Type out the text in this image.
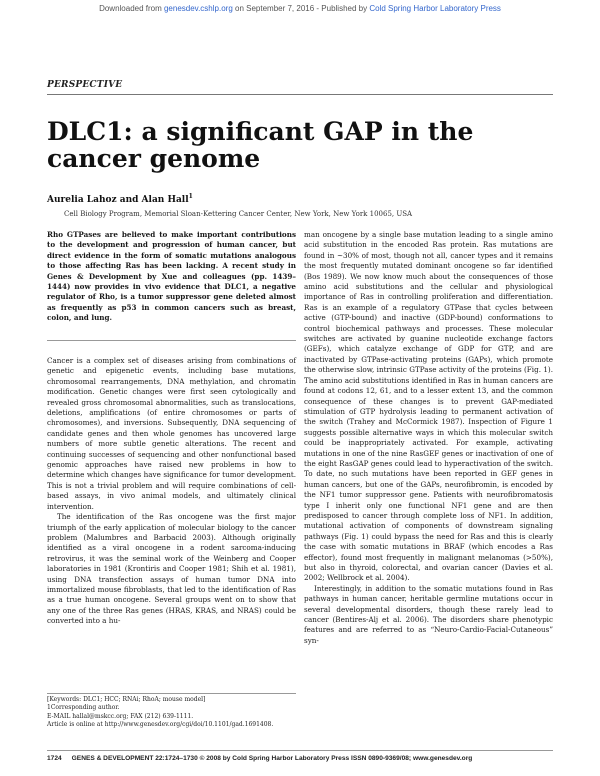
Downloaded from genesdev.cshlp.org on September 7, 2016 - Published by Cold Spring Harbor Laboratory Press
PERSPECTIVE
DLC1: a significant GAP in the cancer genome
Aurelia Lahoz and Alan Hall$^1$
Cell Biology Program, Memorial Sloan-Kettering Cancer Center, New York, New York 10065, USA
Rho GTPases are believed to make important contributions to the development and progression of human cancer, but direct evidence in the form of somatic mutations analogous to those affecting Ras has been lacking. A recent study in Genes & Development by Xue and colleagues (pp. 1439–1444) now provides in vivo evidence that DLC1, a negative regulator of Rho, is a tumor suppressor gene deleted almost as frequently as p53 in common cancers such as breast, colon, and lung.

Cancer is a complex set of diseases arising from combinations of genetic and epigenetic events, including base mutations, chromosomal rearrangements, DNA methylation, and chromatin modification. Genetic changes were first seen cytologically and revealed gross chromosomal abnormalities, such as translocations, deletions, amplifications (of entire chromosomes or parts of chromosomes), and inversions. Subsequently, DNA sequencing of candidate genes and then whole genomes has uncovered large numbers of more subtle genetic alterations. The recent and continuing successes of sequencing and other nonfunctional based genomic approaches have raised new problems in how to determine which changes have significance for tumor development. This is not a trivial problem and will require combinations of cell-based assays, in vivo animal models, and ultimately clinical intervention.

The identification of the Ras oncogene was the first major triumph of the early application of molecular biology to the cancer problem (Malumbres and Barbacid 2003). Although originally identified as a viral oncogene in a rodent sarcoma-inducing retrovirus, it was the seminal work of the Weinberg and Cooper laboratories in 1981 (Krontiris and Cooper 1981; Shih et al. 1981), using DNA transfection assays of human tumor DNA into immortalized mouse fibroblasts, that led to the identification of Ras as a true human oncogene. Several groups went on to show that any one of the three Ras genes (HRAS, KRAS, and NRAS) could be converted into a hu-

man oncogene by a single base mutation leading to a single amino acid substitution in the encoded Ras protein. Ras mutations are found in ~30% of most, though not all, cancer types and it remains the most frequently mutated dominant oncogene so far identified (Bos 1989). We now know much about the consequences of those amino acid substitutions and the cellular and physiological importance of Ras in controlling proliferation and differentiation. Ras is an example of a regulatory GTPase that cycles between active (GTP-bound) and inactive (GDP-bound) conformations to control biochemical pathways and processes. These molecular switches are activated by guanine nucleotide exchange factors (GEFs), which catalyze exchange of GDP for GTP, and are inactivated by GTPase-activating proteins (GAPs), which promote the otherwise slow, intrinsic GTPase activity of the proteins (Fig. 1). The amino acid substitutions identified in Ras in human cancers are found at codons 12, 61, and to a lesser extent 13, and the common consequence of these changes is to prevent GAP-mediated stimulation of GTP hydrolysis leading to permanent activation of the switch (Trahey and McCormick 1987). Inspection of Figure 1 suggests possible alternative ways in which this molecular switch could be inappropriately activated. For example, activating mutations in one of the nine RasGEF genes or inactivation of one of the eight RasGAP genes could lead to hyperactivation of the switch. To date, no such mutations have been reported in GEF genes in human cancers, but one of the GAPs, neurofibromin, is encoded by the NF1 tumor suppressor gene. Patients with neurofibromatosis type I inherit only one functional NF1 gene and are then predisposed to cancer through complete loss of NF1. In addition, mutational activation of components of downstream signaling pathways (Fig. 1) could bypass the need for Ras and this is clearly the case with somatic mutations in BRAF (which encodes a Ras effector), found most frequently in malignant melanomas (>50%), but also in thyroid, colorectal, and ovarian cancer (Davies et al. 2002; Wellbrock et al. 2004).

Interestingly, in addition to the somatic mutations found in Ras pathways in human cancer, heritable germline mutations occur in several developmental disorders, though these rarely lead to cancer (Bentires-Alj et al. 2006). The disorders share phenotypic features and are referred to as “Neuro-Cardio-Facial-Cutaneous” syn-

[Keywords: DLC1; HCC; RNAi; RhoA; mouse model]
1Corresponding author.
E-MAIL hallal@mskcc.org; FAX (212) 639-1111.
Article is online at http://www.genesdev.org/cgi/doi/10.1101/gad.1691408.
1724 GENES & DEVELOPMENT 22:1724–1730 © 2008 by Cold Spring Harbor Laboratory Press ISSN 0890-9369/08; www.genesdev.org
